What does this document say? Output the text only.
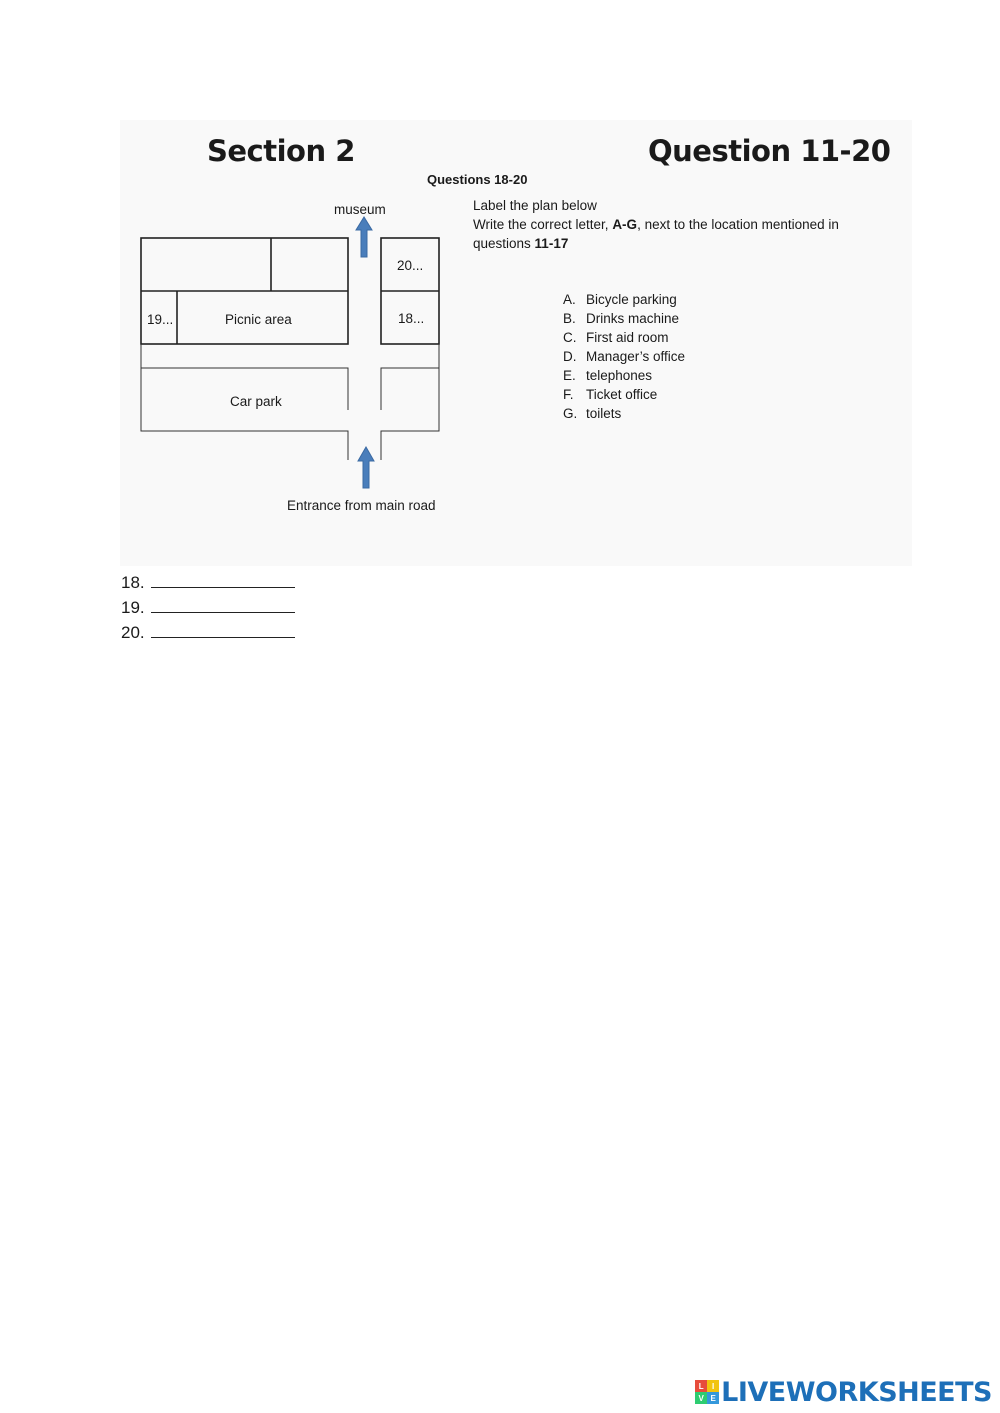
Section 2	Question 11-20
Questions 18-20
Label the plan below
Write the correct letter, A-G, next to the location mentioned in
questions 11-17
A. Bicycle parking
B. Drinks machine
C. First aid room
D. Manager’s office
E. telephones
F. Ticket office
G. toilets
museum
20...
19...	Picnic area	18...
Car park
Entrance from main road
18.
19.
20.
L	I
V E LIVEWORKSHEETS
